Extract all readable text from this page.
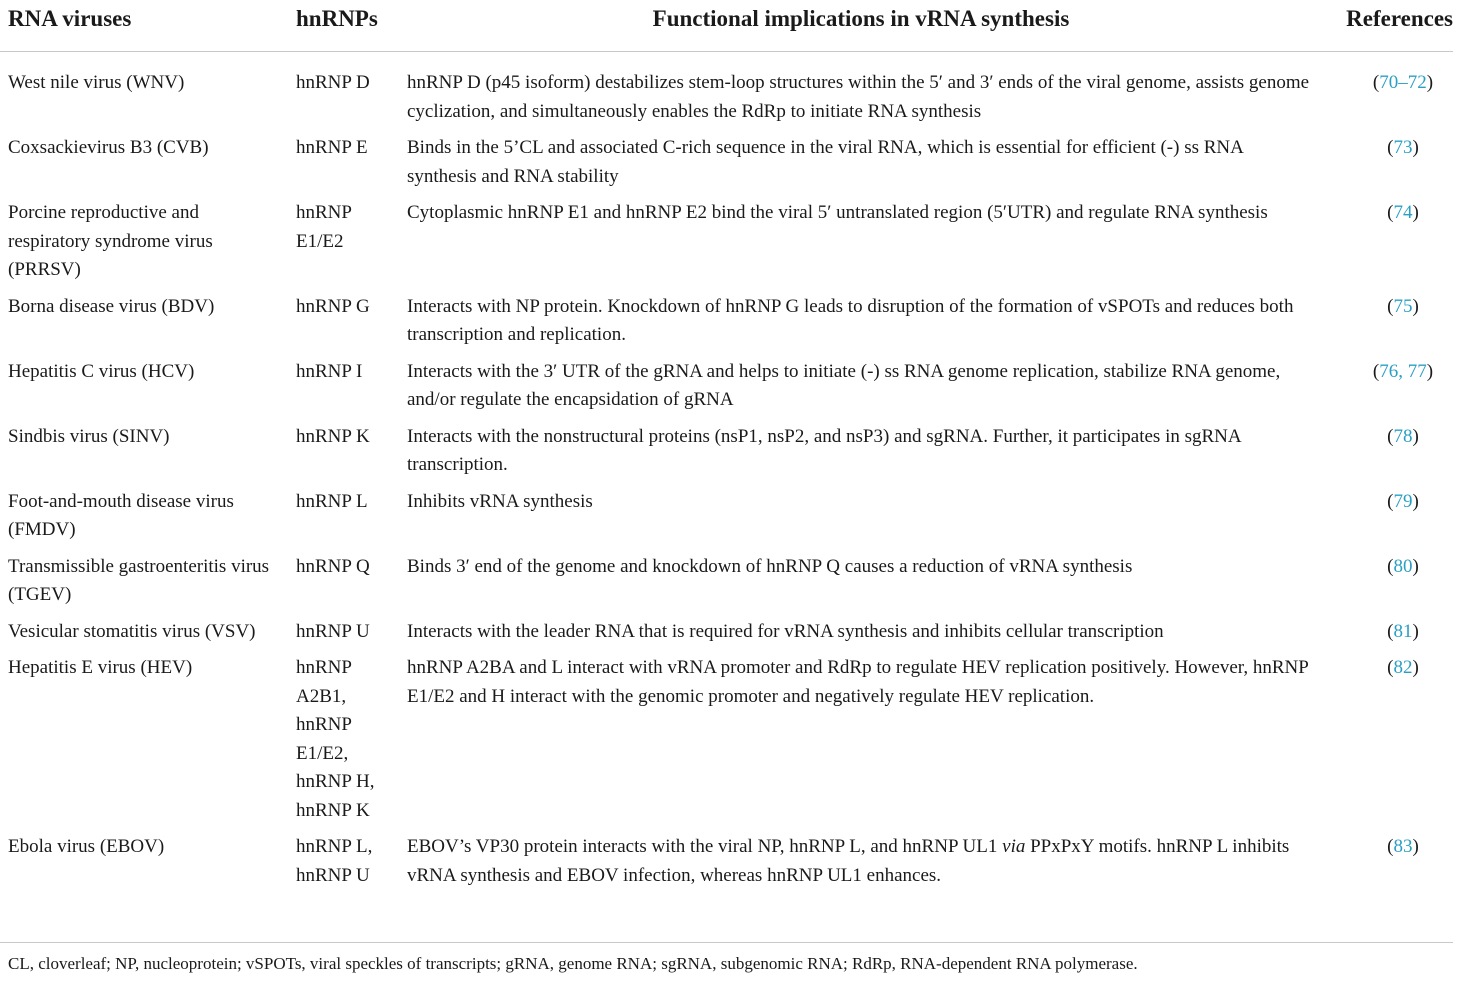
RNA viruses	hnRNPs	Functional implications in vRNA synthesis	References
West nile virus (WNV)	hnRNP D	hnRNP D (p45 isoform) destabilizes stem-loop structures within the 5′ and 3′ ends of the viral genome, assists genome cyclization, and simultaneously enables the RdRp to initiate RNA synthesis	(70–72)
Coxsackievirus B3 (CVB)	hnRNP E	Binds in the 5’CL and associated C-rich sequence in the viral RNA, which is essential for efficient (-) ss RNA synthesis and RNA stability	(73)
Porcine reproductive and respiratory syndrome virus (PRRSV)	hnRNP E1/E2	Cytoplasmic hnRNP E1 and hnRNP E2 bind the viral 5′ untranslated region (5′UTR) and regulate RNA synthesis	(74)
Borna disease virus (BDV)	hnRNP G	Interacts with NP protein. Knockdown of hnRNP G leads to disruption of the formation of vSPOTs and reduces both transcription and replication.	(75)
Hepatitis C virus (HCV)	hnRNP I	Interacts with the 3′ UTR of the gRNA and helps to initiate (-) ss RNA genome replication, stabilize RNA genome, and/or regulate the encapsidation of gRNA	(76, 77)
Sindbis virus (SINV)	hnRNP K	Interacts with the nonstructural proteins (nsP1, nsP2, and nsP3) and sgRNA. Further, it participates in sgRNA transcription.	(78)
Foot-and-mouth disease virus (FMDV)	hnRNP L	Inhibits vRNA synthesis	(79)
Transmissible gastroenteritis virus (TGEV)	hnRNP Q	Binds 3′ end of the genome and knockdown of hnRNP Q causes a reduction of vRNA synthesis	(80)
Vesicular stomatitis virus (VSV)	hnRNP U	Interacts with the leader RNA that is required for vRNA synthesis and inhibits cellular transcription	(81)
Hepatitis E virus (HEV)	hnRNP A2B1, hnRNP E1/E2, hnRNP H, hnRNP K	hnRNP A2BA and L interact with vRNA promoter and RdRp to regulate HEV replication positively. However, hnRNP E1/E2 and H interact with the genomic promoter and negatively regulate HEV replication.	(82)
Ebola virus (EBOV)	hnRNP L, hnRNP U	EBOV’s VP30 protein interacts with the viral NP, hnRNP L, and hnRNP UL1 via PPxPxY motifs. hnRNP L inhibits vRNA synthesis and EBOV infection, whereas hnRNP UL1 enhances.	(83)
CL, cloverleaf; NP, nucleoprotein; vSPOTs, viral speckles of transcripts; gRNA, genome RNA; sgRNA, subgenomic RNA; RdRp, RNA-dependent RNA polymerase.
